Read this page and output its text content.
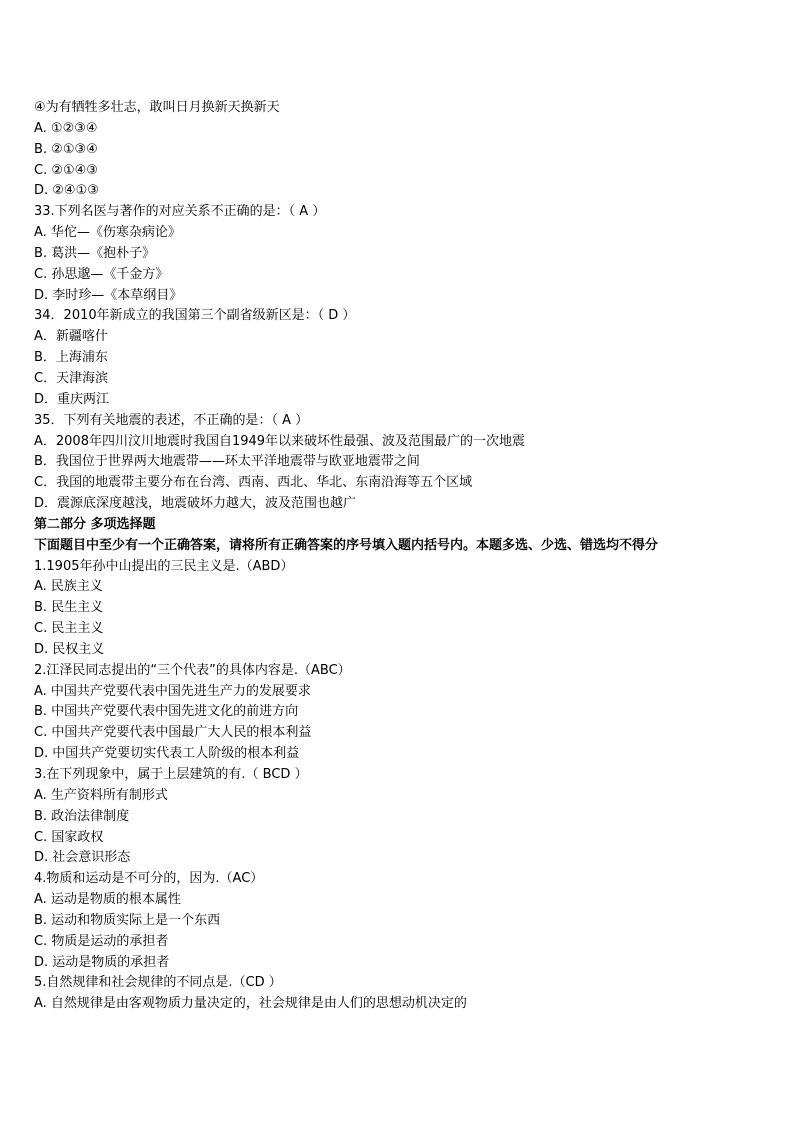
④为有牺牲多壮志，敢叫日月换新天换新天
A. ①②③④
B. ②①③④
C. ②①④③
D. ②④①③
33.下列名医与著作的对应关系不正确的是：（ A ）
A. 华佗—《伤寒杂病论》
B. 葛洪—《抱朴子》
C. 孙思邈—《千金方》
D. 李时珍—《本草纲目》
34．2010年新成立的我国第三个副省级新区是：（ D ）
A．新疆喀什
B．上海浦东
C．天津海滨
D．重庆两江
35．下列有关地震的表述，不正确的是：（ A ）
A．2008年四川汶川地震时我国自1949年以来破坏性最强、波及范围最广的一次地震
B．我国位于世界两大地震带——环太平洋地震带与欧亚地震带之间
C．我国的地震带主要分布在台湾、西南、西北、华北、东南沿海等五个区域
D．震源底深度越浅，地震破坏力越大，波及范围也越广
第二部分 多项选择题
下面题目中至少有一个正确答案，请将所有正确答案的序号填入题内括号内。本题多选、少选、错选均不得分
1.1905年孙中山提出的三民主义是.（ABD）
A. 民族主义
B. 民生主义
C. 民主主义
D. 民权主义
2.江泽民同志提出的“三个代表”的具体内容是.（ABC）
A. 中国共产党要代表中国先进生产力的发展要求
B. 中国共产党要代表中国先进文化的前进方向
C. 中国共产党要代表中国最广大人民的根本利益
D. 中国共产党要切实代表工人阶级的根本利益
3.在下列现象中，属于上层建筑的有.（ BCD ）
A. 生产资料所有制形式
B. 政治法律制度
C. 国家政权
D. 社会意识形态
4.物质和运动是不可分的，因为.（AC）
A. 运动是物质的根本属性
B. 运动和物质实际上是一个东西
C. 物质是运动的承担者
D. 运动是物质的承担者
5.自然规律和社会规律的不同点是.（CD ）
A. 自然规律是由客观物质力量决定的，社会规律是由人们的思想动机决定的
